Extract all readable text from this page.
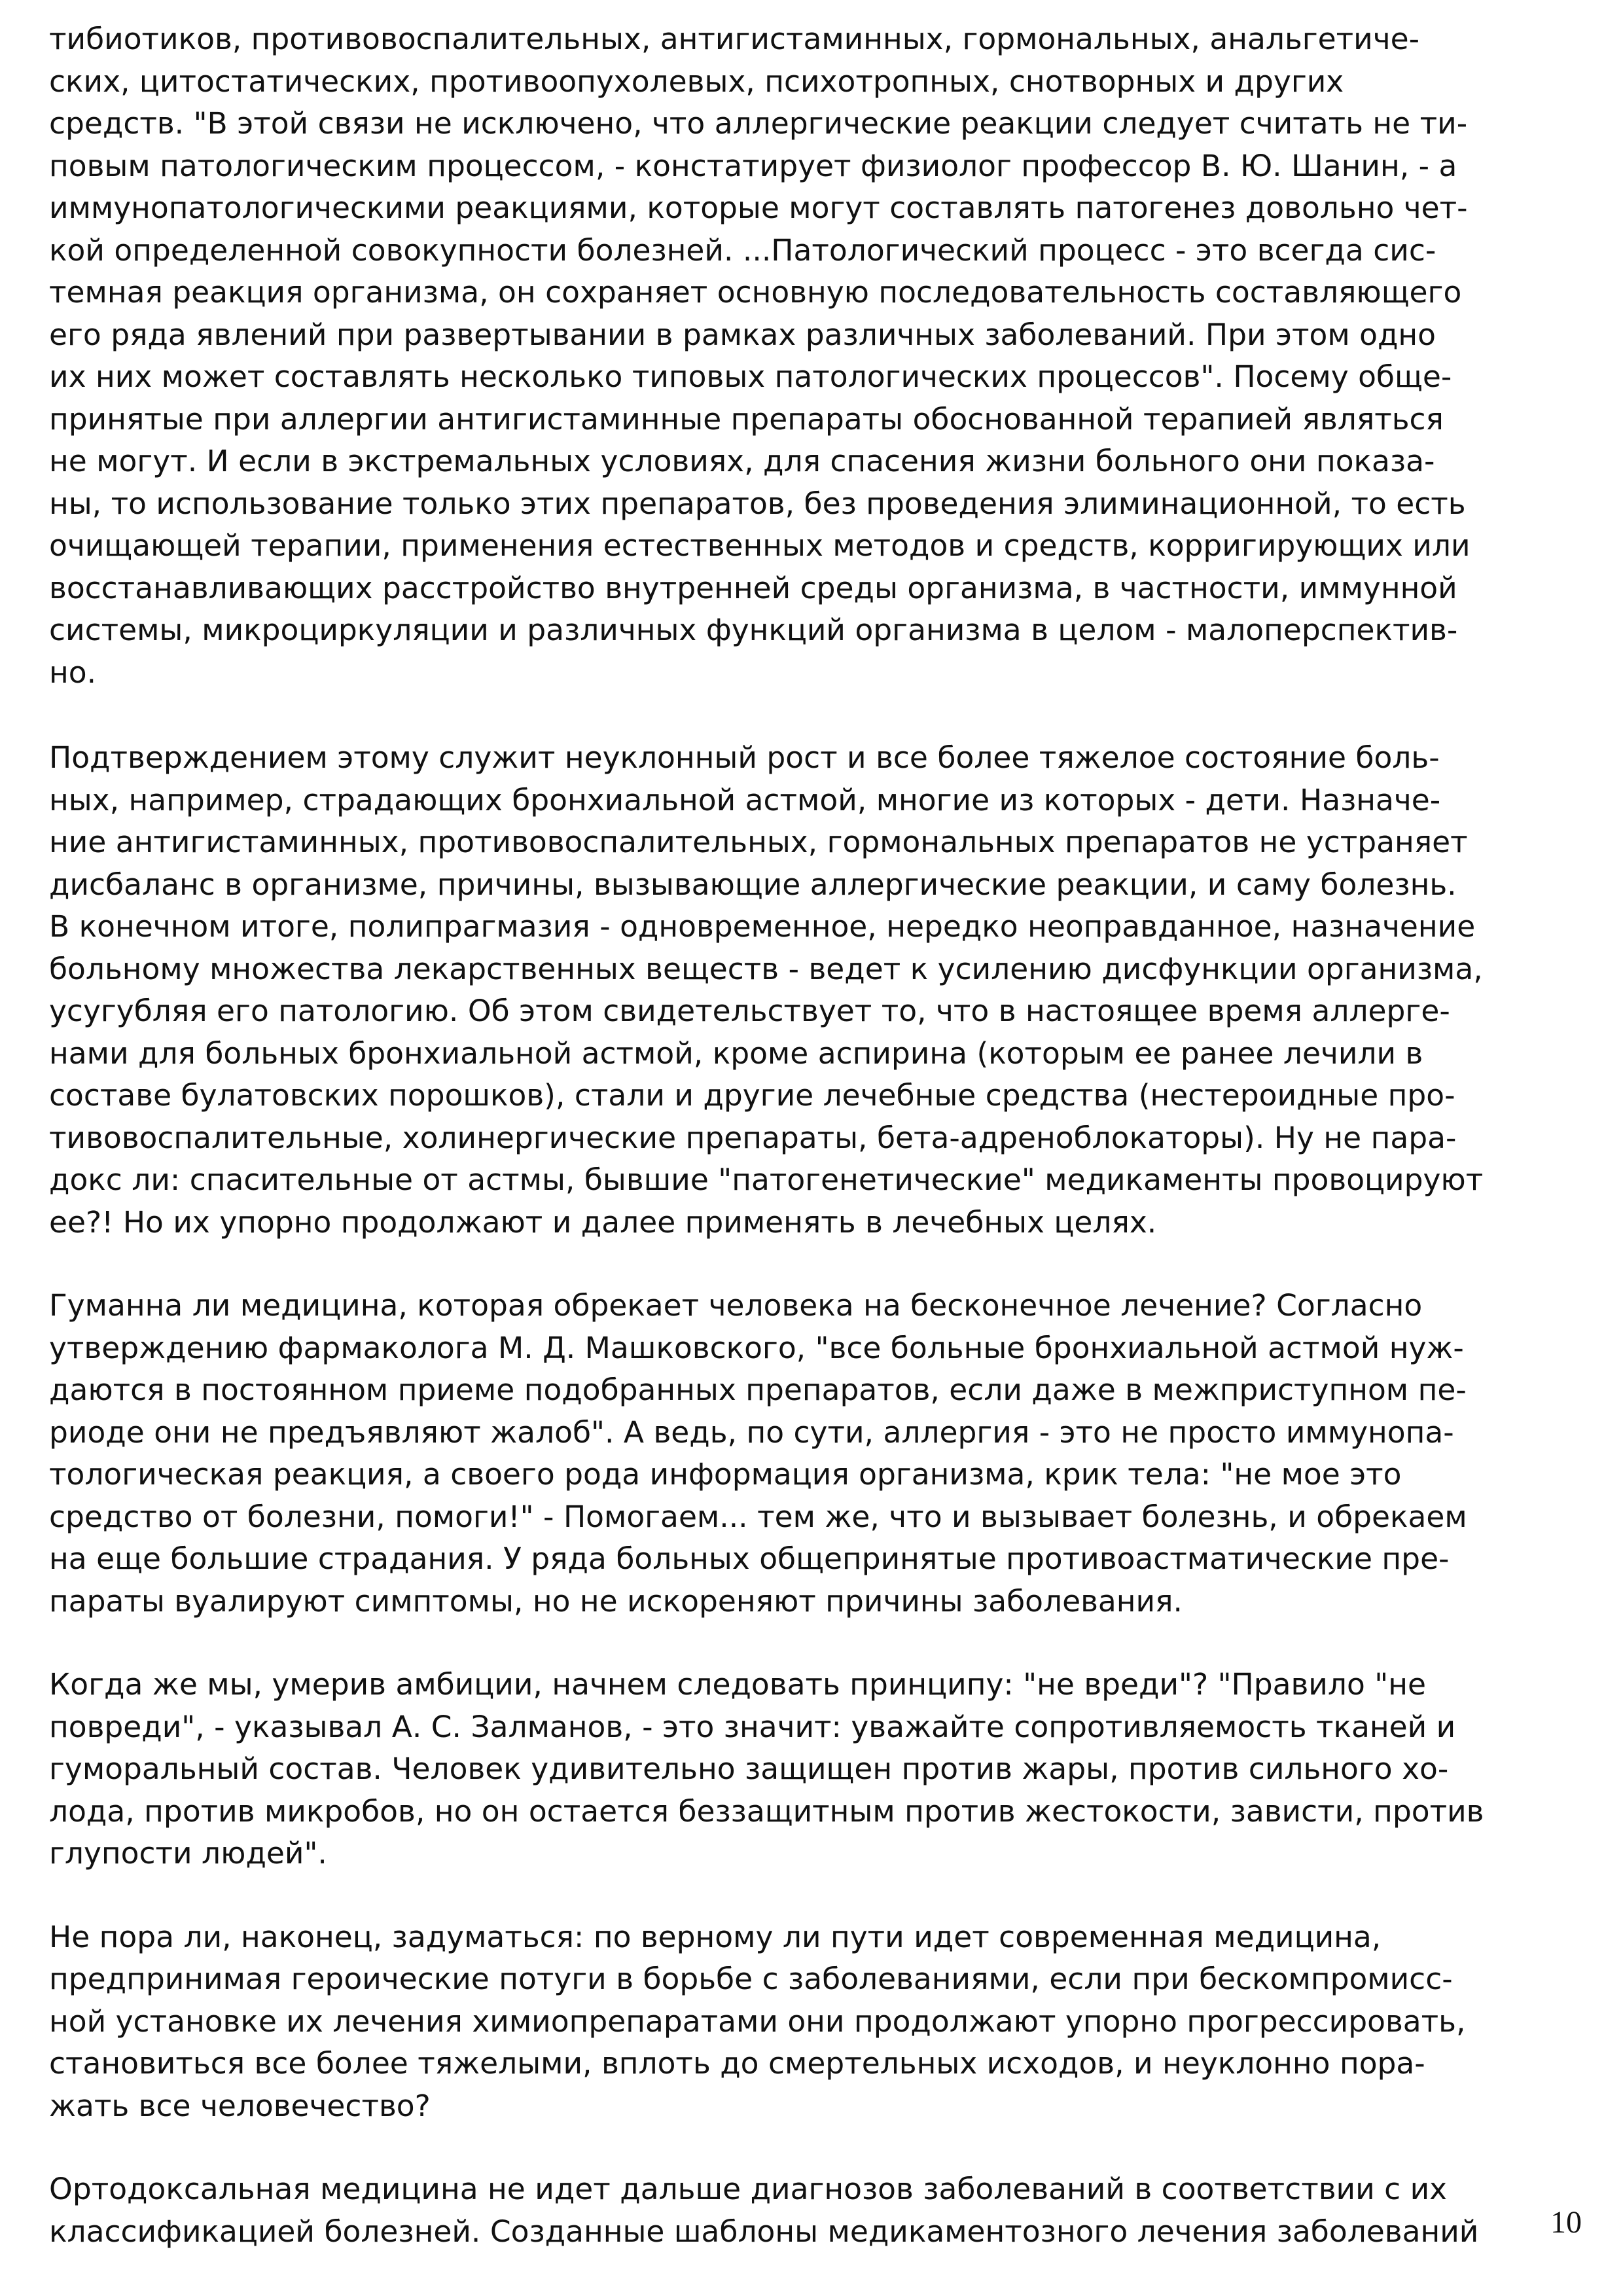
тибиотиков, противовоспалительных, антигистаминных, гормональных, анальгетиче-
ских, цитостатических, противоопухолевых, психотропных, снотворных и других
средств. "В этой связи не исключено, что аллергические реакции следует считать не ти-
повым патологическим процессом, - констатирует физиолог профессор В. Ю. Шанин, - а
иммунопатологическими реакциями, которые могут составлять патогенез довольно чет-
кой определенной совокупности болезней. ...Патологический процесс - это всегда сис-
темная реакция организма, он сохраняет основную последовательность составляющего
его ряда явлений при развертывании в рамках различных заболеваний. При этом одно
их них может составлять несколько типовых патологических процессов". Посему обще-
принятые при аллергии антигистаминные препараты обоснованной терапией являться
не могут. И если в экстремальных условиях, для спасения жизни больного они показа-
ны, то использование только этих препаратов, без проведения элиминационной, то есть
очищающей терапии, применения естественных методов и средств, корригирующих или
восстанавливающих расстройство внутренней среды организма, в частности, иммунной
системы, микроциркуляции и различных функций организма в целом - малоперспектив-
но.
Подтверждением этому служит неуклонный рост и все более тяжелое состояние боль-
ных, например, страдающих бронхиальной астмой, многие из которых - дети. Назначе-
ние антигистаминных, противовоспалительных, гормональных препаратов не устраняет
дисбаланс в организме, причины, вызывающие аллергические реакции, и саму болезнь.
В конечном итоге, полипрагмазия - одновременное, нередко неоправданное, назначение
больному множества лекарственных веществ - ведет к усилению дисфункции организма,
усугубляя его патологию. Об этом свидетельствует то, что в настоящее время аллерге-
нами для больных бронхиальной астмой, кроме аспирина (которым ее ранее лечили в
составе булатовских порошков), стали и другие лечебные средства (нестероидные про-
тивовоспалительные, холинергические препараты, бета-адреноблокаторы). Ну не пара-
докс ли: спасительные от астмы, бывшие "патогенетические" медикаменты провоцируют
ее?! Но их упорно продолжают и далее применять в лечебных целях.
Гуманна ли медицина, которая обрекает человека на бесконечное лечение? Согласно
утверждению фармаколога М. Д. Машковского, "все больные бронхиальной астмой нуж-
даются в постоянном приеме подобранных препаратов, если даже в межприступном пе-
риоде они не предъявляют жалоб". А ведь, по сути, аллергия - это не просто иммунопа-
тологическая реакция, а своего рода информация организма, крик тела: "не мое это
средство от болезни, помоги!" - Помогаем... тем же, что и вызывает болезнь, и обрекаем
на еще большие страдания. У ряда больных общепринятые противоастматические пре-
параты вуалируют симптомы, но не искореняют причины заболевания.
Когда же мы, умерив амбиции, начнем следовать принципу: "не вреди"? "Правило "не
повреди", - указывал А. С. Залманов, - это значит: уважайте сопротивляемость тканей и
гуморальный состав. Человек удивительно защищен против жары, против сильного хо-
лода, против микробов, но он остается беззащитным против жестокости, зависти, против
глупости людей".
Не пора ли, наконец, задуматься: по верному ли пути идет современная медицина,
предпринимая героические потуги в борьбе с заболеваниями, если при бескомпромисс-
ной установке их лечения химиопрепаратами они продолжают упорно прогрессировать,
становиться все более тяжелыми, вплоть до смертельных исходов, и неуклонно пора-
жать все человечество?
Ортодоксальная медицина не идет дальше диагнозов заболеваний в соответствии с их
классификацией болезней. Созданные шаблоны медикаментозного лечения заболеваний	10
